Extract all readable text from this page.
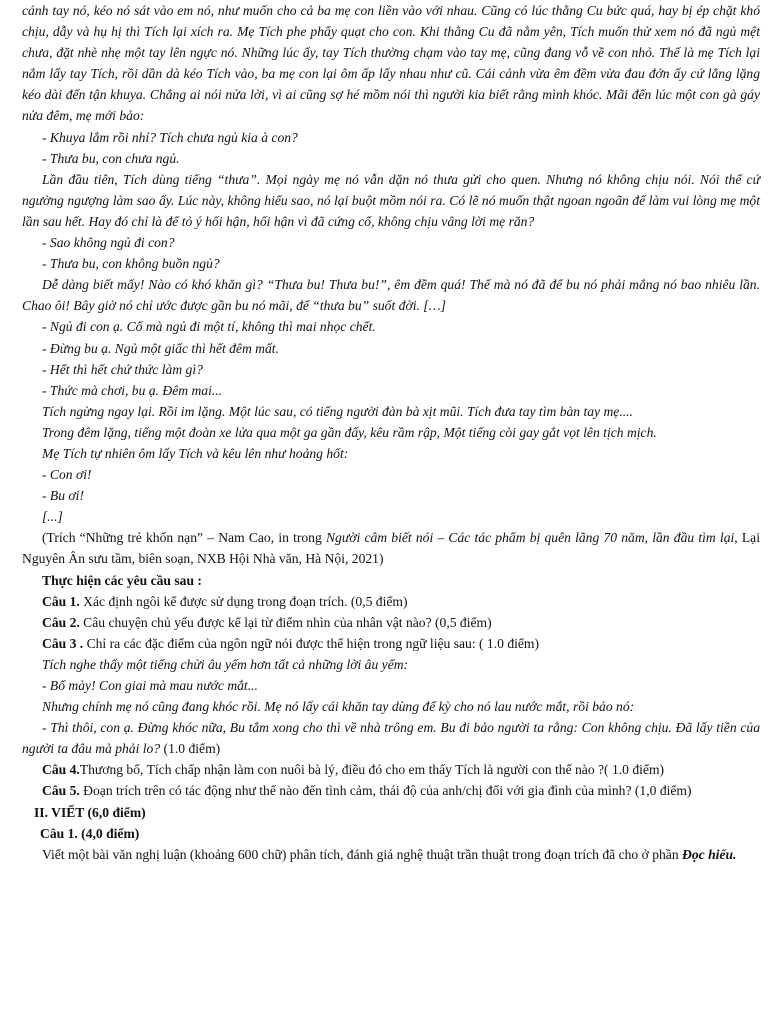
cánh tay nó, kéo nó sát vào em nó, như muốn cho cả ba mẹ con liền vào với nhau. Cũng có lúc thằng Cu bức quá, hay bị ép chặt khó chịu, dẫy và hụ hị thì Tích lại xích ra. Mẹ Tích phe phẩy quạt cho con. Khi thằng Cu đã nằm yên, Tích muốn thử xem nó đã ngủ mệt chưa, đặt nhè nhẹ một tay lên ngực nó. Những lúc ấy, tay Tích thường chạm vào tay mẹ, cũng đang vỗ về con nhỏ. Thế là mẹ Tích lại nắm lấy tay Tích, rồi dần dà kéo Tích vào, ba mẹ con lại ôm ấp lấy nhau như cũ. Cái cảnh vừa êm đềm vừa đau đớn ấy cứ lẳng lặng kéo dài đến tận khuya. Chẳng ai nói nửa lời, vì ai cũng sợ hé mồm nói thì người kia biết rằng mình khóc. Mãi đến lúc một con gà gáy nửa đêm, mẹ mới bảo:

- Khuya lắm rồi nhỉ? Tích chưa ngủ kia à con?

- Thưa bu, con chưa ngủ.

Lần đầu tiên, Tích dùng tiếng “thưa”. Mọi ngày mẹ nó vẫn dặn nó thưa gửi cho quen. Nhưng nó không chịu nói. Nói thế cứ ngường ngượng làm sao ấy. Lúc này, không hiểu sao, nó lại buột mồm nói ra. Có lẽ nó muốn thật ngoan ngoãn để làm vui lòng mẹ một lần sau hết. Hay đó chỉ là để tỏ ý hối hận, hối hận vì đã cứng cổ, không chịu vâng lời mẹ răn?

- Sao không ngủ đi con?

- Thưa bu, con không buồn ngủ?

Dễ dàng biết mấy! Nào có khó khăn gì? “Thưa bu! Thưa bu!”, êm đềm quá! Thế mà nó đã để bu nó phải mắng nó bao nhiêu lần. Chao ôi! Bây giờ nó chỉ ước được gần bu nó mãi, để “thưa bu” suốt đời. […]

- Ngủ đi con ạ. Cố mà ngủ đi một tí, không thì mai nhọc chết.

- Đừng bu ạ. Ngủ một giấc thì hết đêm mất.

- Hết thì hết chứ thức làm gì?

- Thức mà chơi, bu ạ. Đêm mai...

Tích ngừng ngay lại. Rồi im lặng. Một lúc sau, có tiếng người đàn bà xịt mũi. Tích đưa tay tìm bàn tay mẹ....

Trong đêm lặng, tiếng một đoàn xe lửa qua một ga gần đấy, kêu rầm rập, Một tiếng còi gay gắt vọt lên tịch mịch.

Mẹ Tích tự nhiên ôm lấy Tích và kêu lên như hoảng hốt:

- Con ơi!

- Bu ơi!

[...]

(Trích “Những trẻ khốn nạn” – Nam Cao, in trong Người câm biết nói – Các tác phẩm bị quên lãng 70 năm, lần đầu tìm lại, Lại Nguyên Ân sưu tầm, biên soạn, NXB Hội Nhà văn, Hà Nội, 2021)

Thực hiện các yêu cầu sau :

Câu 1. Xác định ngôi kể được sử dụng trong đoạn trích. (0,5 điểm)

Câu 2. Câu chuyện chủ yếu được kể lại từ điểm nhìn của nhân vật nào? (0,5 điểm)

Câu 3 . Chỉ ra các đặc điểm của ngôn ngữ nói được thể hiện trong ngữ liệu sau: ( 1.0 điểm)

Tích nghe thấy một tiếng chửi âu yếm hơn tất cả những lời âu yếm:

- Bố mày! Con giai mà mau nước mắt...

Nhưng chính mẹ nó cũng đang khóc rồi. Mẹ nó lấy cái khăn tay dùng để kỳ cho nó lau nước mắt, rồi bảo nó:

- Thì thôi, con ạ. Đừng khóc nữa, Bu tắm xong cho thì về nhà trông em. Bu đi bảo người ta rằng: Con không chịu. Đã lấy tiền của người ta đâu mà phải lo? (1.0 điểm)

Câu 4.Thương bố, Tích chấp nhận làm con nuôi bà lý, điều đó cho em thấy Tích là người con thế nào ?( 1.0 điểm)

Câu 5. Đoạn trích trên có tác động như thế nào đến tình cảm, thái độ của anh/chị đối với gia đình của mình? (1,0 điểm)

II. VIẾT (6,0 điểm)

Câu 1. (4,0 điểm)

Viết một bài văn nghị luận (khoảng 600 chữ) phân tích, đánh giá nghệ thuật trần thuật trong đoạn trích đã cho ở phần Đọc hiểu.
